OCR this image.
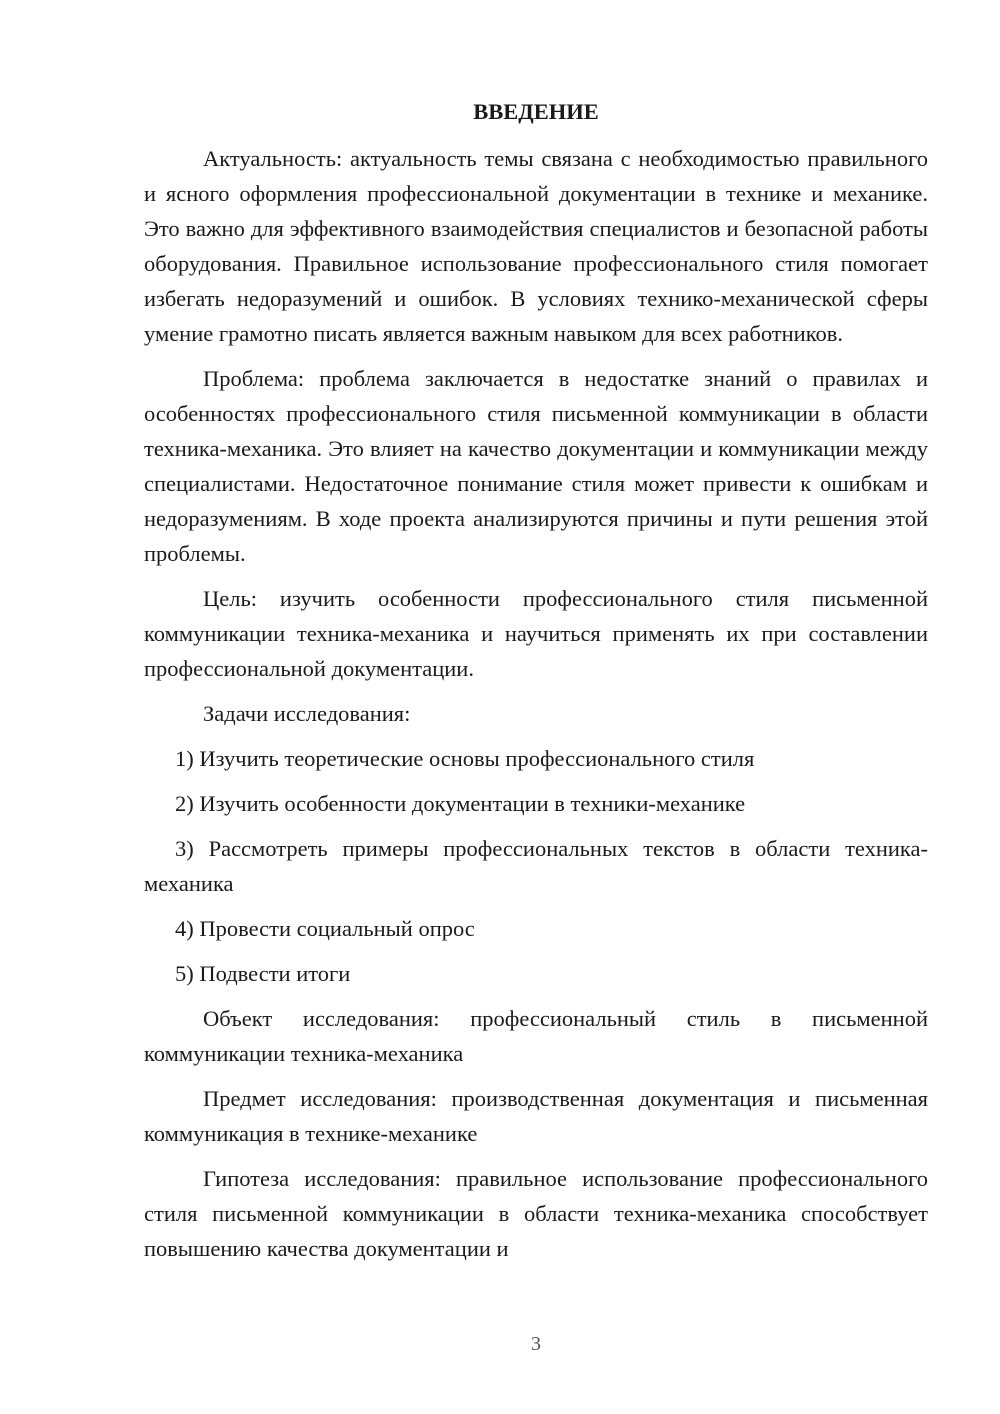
ВВЕДЕНИЕ

Актуальность: актуальность темы связана с необходимостью правильного и ясного оформления профессиональной документации в технике и механике. Это важно для эффективного взаимодействия специалистов и безопасной работы оборудования. Правильное использование профессионального стиля помогает избегать недоразумений и ошибок. В условиях технико-механической сферы умение грамотно писать является важным навыком для всех работников.

Проблема: проблема заключается в недостатке знаний о правилах и особенностях профессионального стиля письменной коммуникации в области техника-механика. Это влияет на качество документации и коммуникации между специалистами. Недостаточное понимание стиля может привести к ошибкам и недоразумениям. В ходе проекта анализируются причины и пути решения этой проблемы.

Цель: изучить особенности профессионального стиля письменной коммуникации техника-механика и научиться применять их при составлении профессиональной документации.

Задачи исследования:

1) Изучить теоретические основы профессионального стиля

2) Изучить особенности документации в техники-механике

3) Рассмотреть примеры профессиональных текстов в области техника-механика

4) Провести социальный опрос

5) Подвести итоги

Объект исследования: профессиональный стиль в письменной коммуникации техника-механика

Предмет исследования: производственная документация и письменная коммуникация в технике-механике

Гипотеза исследования: правильное использование профессионального стиля письменной коммуникации в области техника-механика способствует повышению качества документации и

3
